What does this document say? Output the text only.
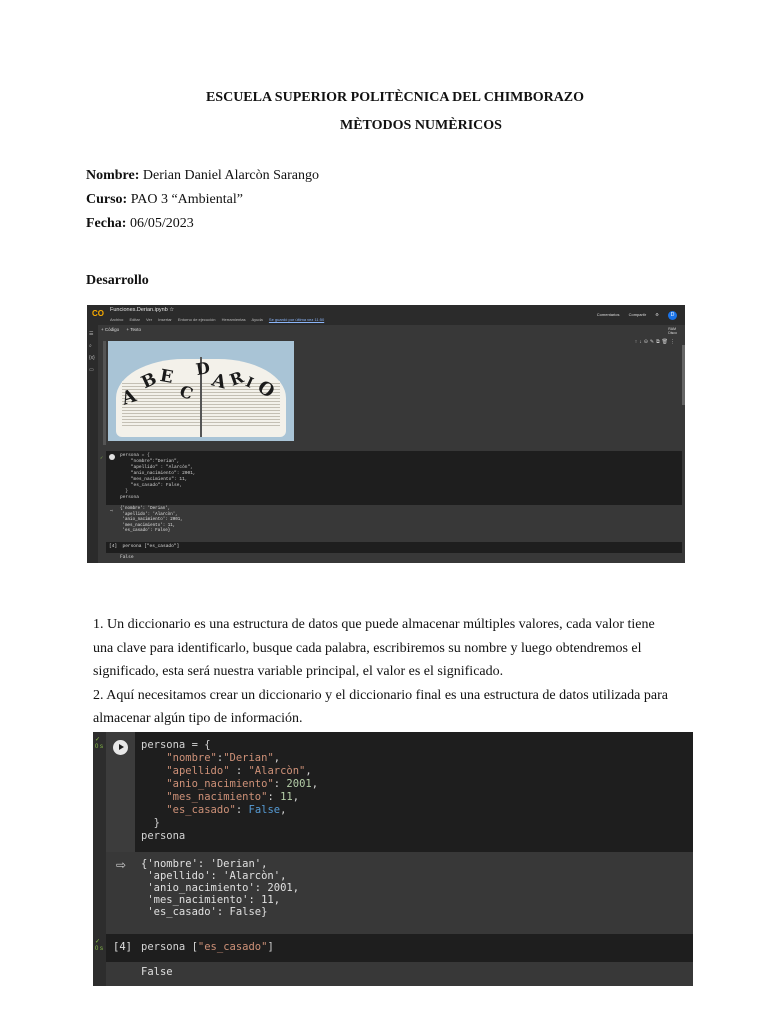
ESCUELA SUPERIOR POLITÈCNICA DEL CHIMBORAZO
MÈTODOS NUMÈRICOS
Nombre: Derian Daniel Alarcòn Sarango
Curso: PAO 3 “Ambiental”
Fecha: 06/05/2023
Desarrollo
CO Funciones.Derian.ipynb ☆
Archivo Editar Ver Insertar Entorno de ejecución Herramientas Ayuda Se guardó por última vez 11:50
Comentarios Compartir ⚙ D
☰
⌕
{x}
▭
+ Código + Texto	RAM
Disco
↑↓⊝✎⧉🗑⋮
A
B
E
C
D
A
R
I
O
✓	persona = {
"nombre":"Derian",
"apellido" : "Alarcòn",
"anio_nacimiento": 2001,
"mes_nacimiento": 11,
"es_casado": False,
}
persona
⇨ {'nombre': 'Derian',
'apellido': 'Alarcòn',
'anio_nacimiento': 2001,
'mes_nacimiento': 11,
'es_casado': False}
[4]  persona ["es_casado"]
False
1. Un diccionario es una estructura de datos que puede almacenar múltiples valores, cada valor tiene
una clave para identificarlo, busque cada palabra, escribiremos su nombre y luego obtendremos el
significado, esta será nuestra variable principal, el valor es el significado.
2. Aquí necesitamos crear un diccionario y el diccionario final es una estructura de datos utilizada para
almacenar algún tipo de información.
✓
0 s
✓
0 s
persona = {
"nombre":"Derian",
"apellido" : "Alarcòn",
"anio_nacimiento": 2001,
"mes_nacimiento": 11,
"es_casado": False,
}
persona
⇨ {'nombre': 'Derian',
'apellido': 'Alarcòn',
'anio_nacimiento': 2001,
'mes_nacimiento': 11,
'es_casado': False}
[4] persona ["es_casado"]
False
